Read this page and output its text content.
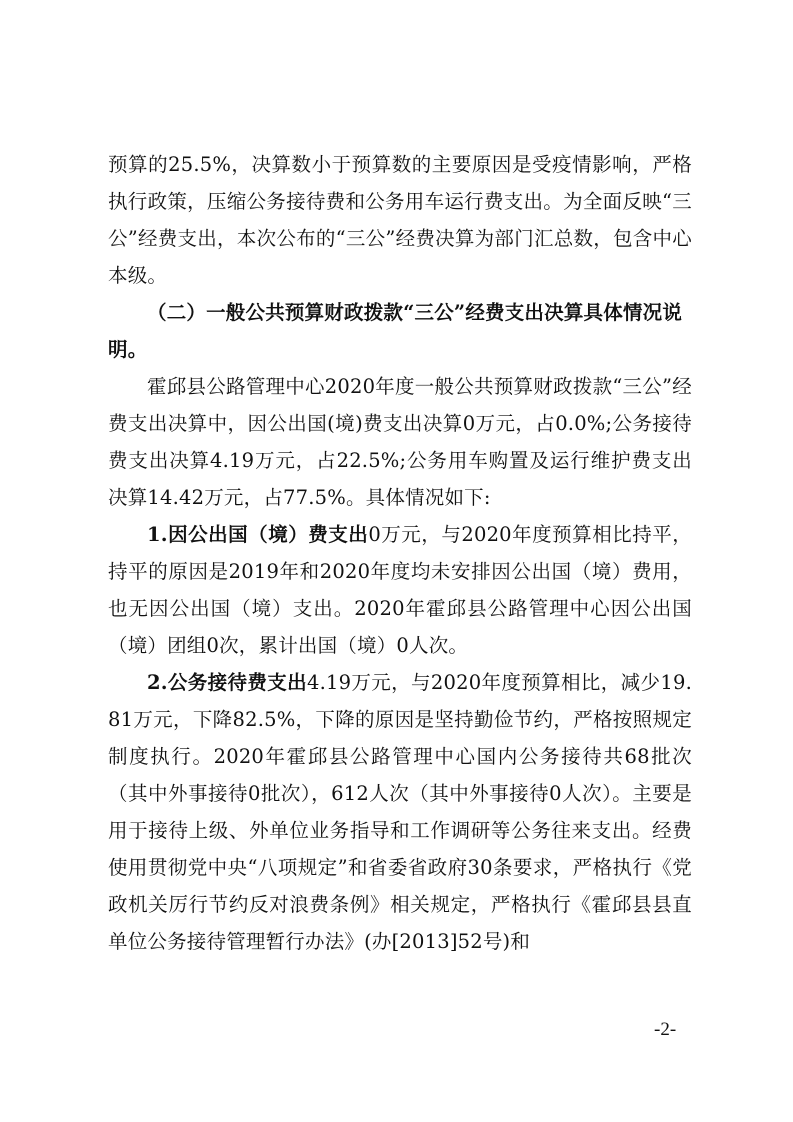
预算的25.5%，决算数小于预算数的主要原因是受疫情影响，严格执行政策，压缩公务接待费和公务用车运行费支出。为全面反映“三公”经费支出，本次公布的“三公”经费决算为部门汇总数，包含中心本级。

（二）一般公共预算财政拨款“三公”经费支出决算具体情况说明。

霍邱县公路管理中心2020年度一般公共预算财政拨款“三公”经费支出决算中，因公出国(境)费支出决算0万元，占0.0%;公务接待费支出决算4.19万元，占22.5%;公务用车购置及运行维护费支出决算14.42万元，占77.5%。具体情况如下:

1.因公出国（境）费支出0万元，与2020年度预算相比持平，持平的原因是2019年和2020年度均未安排因公出国（境）费用，也无因公出国（境）支出。2020年霍邱县公路管理中心因公出国（境）团组0次，累计出国（境）0人次。

2.公务接待费支出4.19万元，与2020年度预算相比，减少19.81万元，下降82.5%，下降的原因是坚持勤俭节约，严格按照规定制度执行。2020年霍邱县公路管理中心国内公务接待共68批次（其中外事接待0批次），612人次（其中外事接待0人次）。主要是用于接待上级、外单位业务指导和工作调研等公务往来支出。经费使用贯彻党中央“八项规定”和省委省政府30条要求，严格执行《党政机关厉行节约反对浪费条例》相关规定，严格执行《霍邱县县直单位公务接待管理暂行办法》(办[2013]52号)和

-2-
